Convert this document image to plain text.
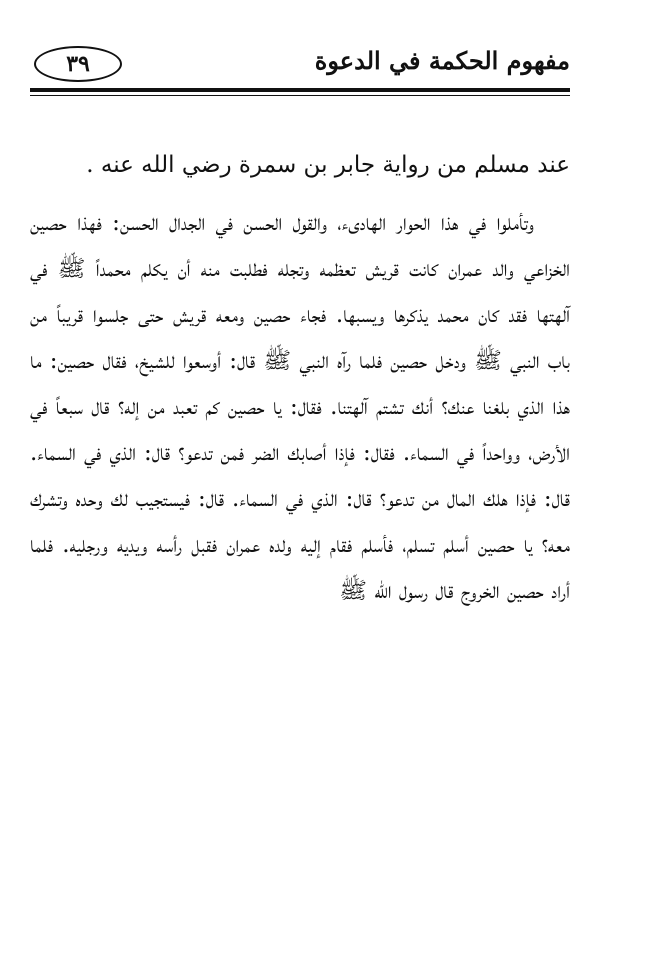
٣٩	مفهوم الحكمة في الدعوة

عند مسلم من رواية جابر بن سمرة رضي الله عنه .

وتأملوا في هذا الحوار الهادىء، والقول الحسن في الجدال الحسن: فهذا حصين الخزاعي والد عمران كانت قريش تعظمه وتجله فطلبت منه أن يكلم محمداً ﷺ في آلهتها فقد كان محمد يذكرها ويسبها. فجاء حصين ومعه قريش حتى جلسوا قريباً من باب النبي ﷺ ودخل حصين فلما رآه النبي ﷺ قال: أوسعوا للشيخ، فقال حصين: ما هذا الذي بلغنا عنك؟ أنك تشتم آلهتنا. فقال: يا حصين كم تعبد من إله؟ قال سبعاً في الأرض، وواحداً في السماء. فقال: فإذا أصابك الضر فمن تدعو؟ قال: الذي في السماء. قال: فإذا هلك المال من تدعو؟ قال: الذي في السماء. قال: فيستجيب لك وحده وتشرك معه؟ يا حصين أسلم تسلم، فأسلم فقام إليه ولده عمران فقبل رأسه ويديه ورجليه. فلما أراد حصين الخروج قال رسول الله ﷺ
